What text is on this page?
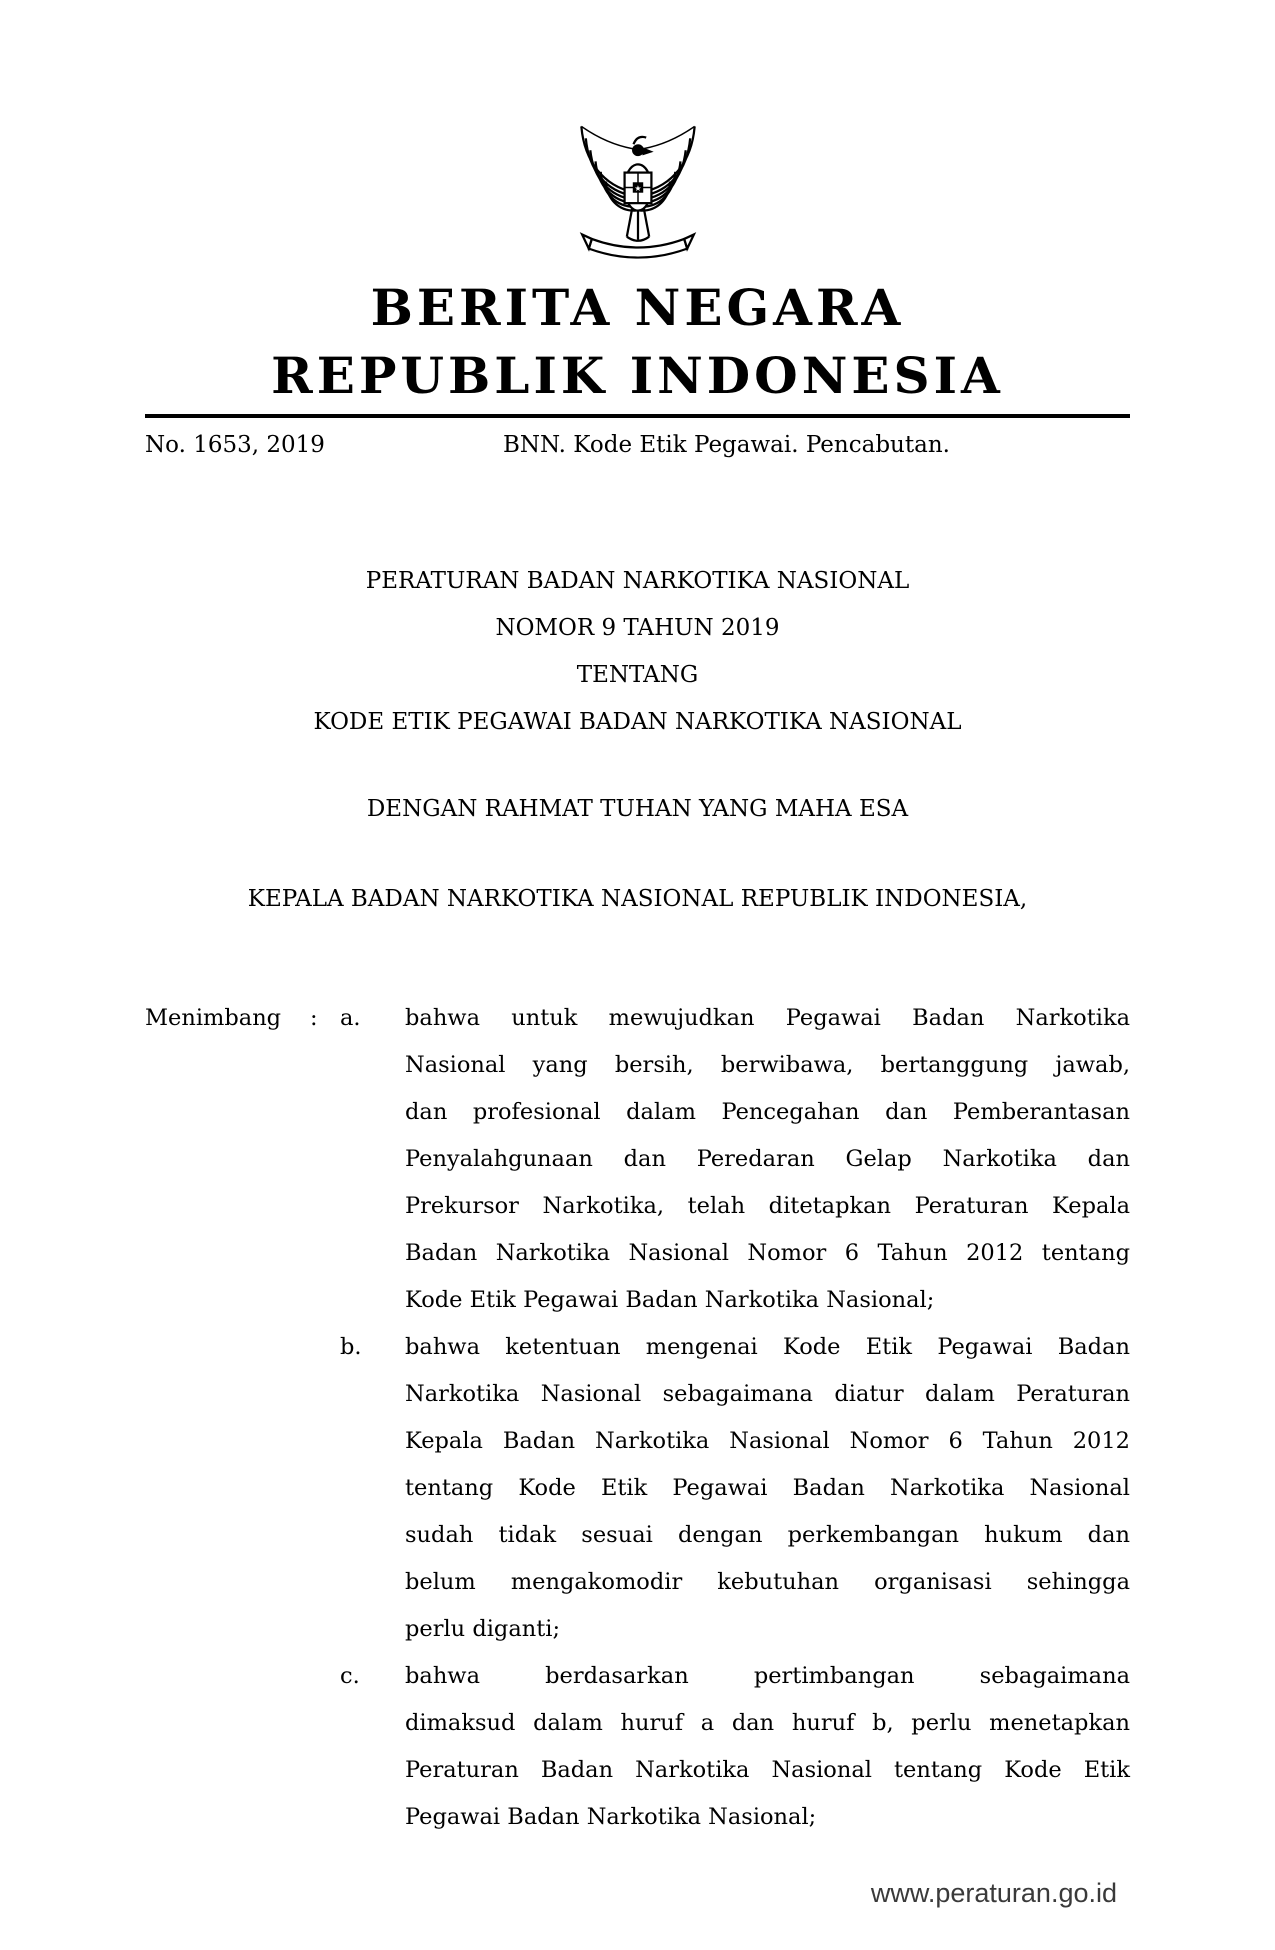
★
BERITA NEGARA
REPUBLIK INDONESIA
No. 1653, 2019	BNN. Kode Etik Pegawai. Pencabutan.
PERATURAN BADAN NARKOTIKA NASIONAL
NOMOR 9 TAHUN 2019
TENTANG
KODE ETIK PEGAWAI BADAN NARKOTIKA NASIONAL
DENGAN RAHMAT TUHAN YANG MAHA ESA
KEPALA BADAN NARKOTIKA NASIONAL REPUBLIK INDONESIA,
Menimbang	: a.	bahwa untuk mewujudkan Pegawai Badan Narkotika
Nasional yang bersih, berwibawa, bertanggung jawab,
dan profesional dalam Pencegahan dan Pemberantasan
Penyalahgunaan dan Peredaran Gelap Narkotika dan
Prekursor Narkotika, telah ditetapkan Peraturan Kepala
Badan Narkotika Nasional Nomor 6 Tahun 2012 tentang
Kode Etik Pegawai Badan Narkotika Nasional;
b.	bahwa ketentuan mengenai Kode Etik Pegawai Badan
Narkotika Nasional sebagaimana diatur dalam Peraturan
Kepala Badan Narkotika Nasional Nomor 6 Tahun 2012
tentang Kode Etik Pegawai Badan Narkotika Nasional
sudah tidak sesuai dengan perkembangan hukum dan
belum mengakomodir kebutuhan organisasi sehingga
perlu diganti;
c.	bahwa berdasarkan pertimbangan sebagaimana
dimaksud dalam huruf a dan huruf b, perlu menetapkan
Peraturan Badan Narkotika Nasional tentang Kode Etik
Pegawai Badan Narkotika Nasional;
www.peraturan.go.id
